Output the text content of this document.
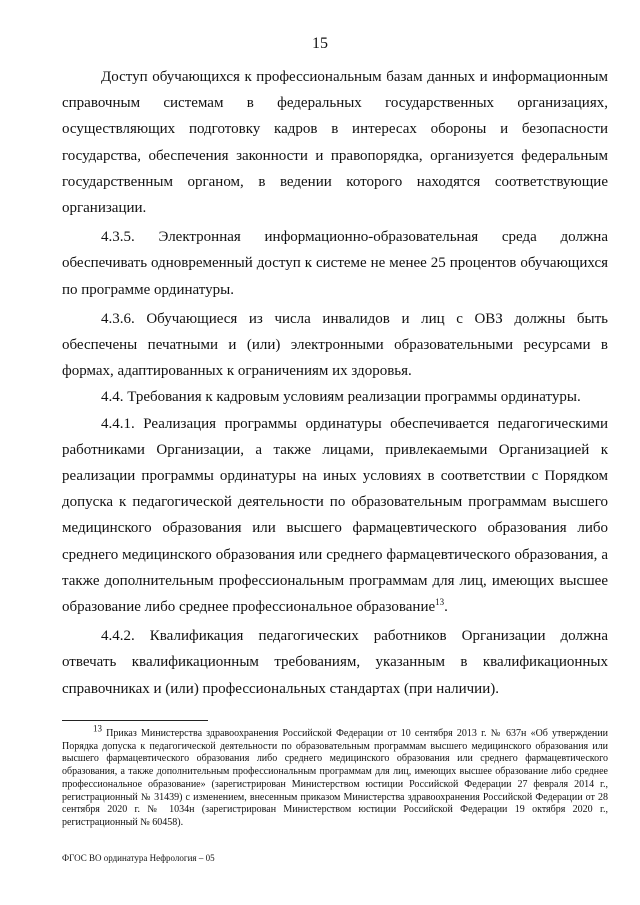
15

Доступ обучающихся к профессиональным базам данных и информационным справочным системам в федеральных государственных организациях, осуществляющих подготовку кадров в интересах обороны и безопасности государства, обеспечения законности и правопорядка, организуется федеральным государственным органом, в ведении которого находятся соответствующие организации.

4.3.5. Электронная информационно-образовательная среда должна обеспечивать одновременный доступ к системе не менее 25 процентов обучающихся по программе ординатуры.

4.3.6. Обучающиеся из числа инвалидов и лиц с ОВЗ должны быть обеспечены печатными и (или) электронными образовательными ресурсами в формах, адаптированных к ограничениям их здоровья.

4.4. Требования к кадровым условиям реализации программы ординатуры.

4.4.1. Реализация программы ординатуры обеспечивается педагогическими работниками Организации, а также лицами, привлекаемыми Организацией к реализации программы ординатуры на иных условиях в соответствии с Порядком допуска к педагогической деятельности по образовательным программам высшего медицинского образования или высшего фармацевтического образования либо среднего медицинского образования или среднего фармацевтического образования, а также дополнительным профессиональным программам для лиц, имеющих высшее образование либо среднее профессиональное образование$^{13}$.

4.4.2. Квалификация педагогических работников Организации должна отвечать квалификационным требованиям, указанным в квалификационных справочниках и (или) профессиональных стандартах (при наличии).

$^{13}$ Приказ Министерства здравоохранения Российской Федерации от 10 сентября 2013 г. № 637н «Об утверждении Порядка допуска к педагогической деятельности по образовательным программам высшего медицинского образования или высшего фармацевтического образования либо среднего медицинского образования или среднего фармацевтического образования, а также дополнительным профессиональным программам для лиц, имеющих высшее образование либо среднее профессиональное образование» (зарегистрирован Министерством юстиции Российской Федерации 27 февраля 2014 г., регистрационный № 31439) с изменением, внесенным приказом Министерства здравоохранения Российской Федерации от 28 сентября 2020 г. № 1034н (зарегистрирован Министерством юстиции Российской Федерации 19 октября 2020 г., регистрационный № 60458).
ФГОС ВО ординатура Нефрология – 05
